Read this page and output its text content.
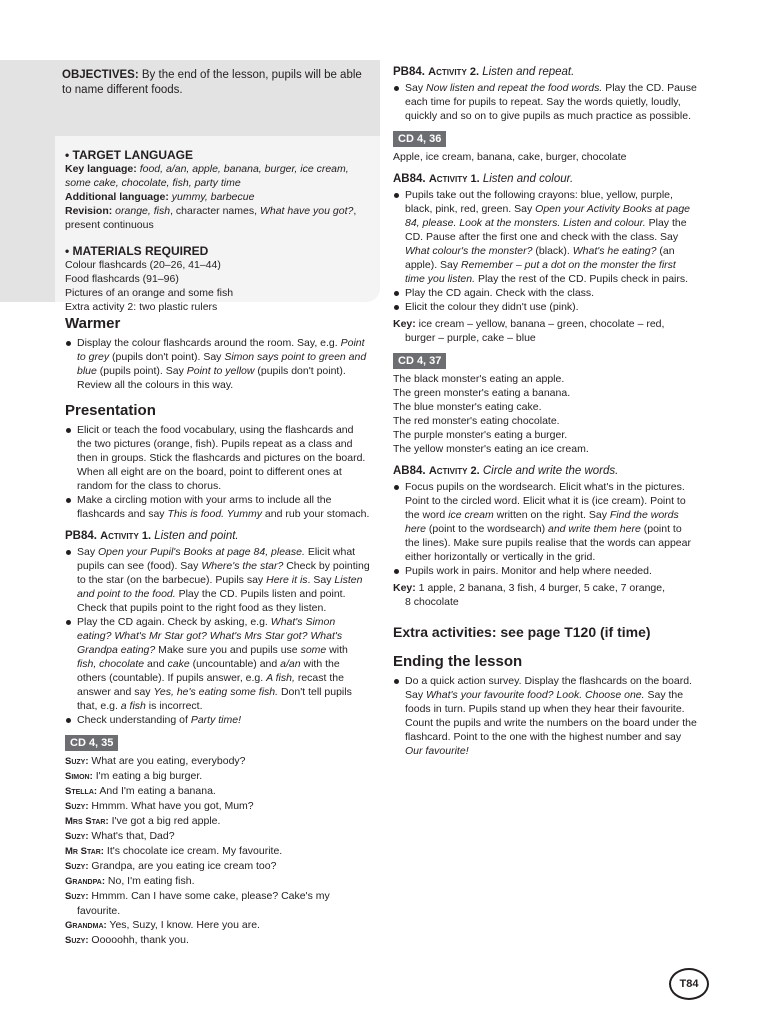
OBJECTIVES: By the end of the lesson, pupils will be able to name different foods.
• TARGET LANGUAGE
Key language: food, a/an, apple, banana, burger, ice cream, some cake, chocolate, fish, party time
Additional language: yummy, barbecue
Revision: orange, fish, character names, What have you got?, present continuous
• MATERIALS REQUIRED
Colour flashcards (20–26, 41–44)
Food flashcards (91–96)
Pictures of an orange and some fish
Extra activity 2: two plastic rulers
Warmer
Display the colour flashcards around the room. Say, e.g. Point to grey (pupils don't point). Say Simon says point to green and blue (pupils point). Say Point to yellow (pupils don't point). Review all the colours in this way.
Presentation
Elicit or teach the food vocabulary, using the flashcards and the two pictures (orange, fish). Pupils repeat as a class and then in groups. Stick the flashcards and pictures on the board. When all eight are on the board, point to different ones at random for the class to chorus.
Make a circling motion with your arms to include all the flashcards and say This is food. Yummy and rub your stomach.
PB84. Activity 1. Listen and point.
Say Open your Pupil's Books at page 84, please. Elicit what pupils can see (food). Say Where's the star? Check by pointing to the star (on the barbecue). Pupils say Here it is. Say Listen and point to the food. Play the CD. Pupils listen and point. Check that pupils point to the right food as they listen.
Play the CD again. Check by asking, e.g. What's Simon eating? What's Mr Star got? What's Mrs Star got? What's Grandpa eating? Make sure you and pupils use some with fish, chocolate and cake (uncountable) and a/an with the others (countable). If pupils answer, e.g. A fish, recast the answer and say Yes, he's eating some fish. Don't tell pupils that, e.g. a fish is incorrect.
Check understanding of Party time!
CD 4, 35
Suzy: What are you eating, everybody?
Simon: I'm eating a big burger.
Stella: And I'm eating a banana.
Suzy: Hmmm. What have you got, Mum?
Mrs Star: I've got a big red apple.
Suzy: What's that, Dad?
Mr Star: It's chocolate ice cream. My favourite.
Suzy: Grandpa, are you eating ice cream too?
Grandpa: No, I'm eating fish.
Suzy: Hmmm. Can I have some cake, please? Cake's my
favourite.
Grandma: Yes, Suzy, I know. Here you are.
Suzy: Ooooohh, thank you.
PB84. Activity 2. Listen and repeat.
Say Now listen and repeat the food words. Play the CD. Pause each time for pupils to repeat. Say the words quietly, loudly, quickly and so on to give pupils as much practice as possible.
CD 4, 36
Apple, ice cream, banana, cake, burger, chocolate
AB84. Activity 1. Listen and colour.
Pupils take out the following crayons: blue, yellow, purple, black, pink, red, green. Say Open your Activity Books at page 84, please. Look at the monsters. Listen and colour. Play the CD. Pause after the first one and check with the class. Say What colour's the monster? (black). What's he eating? (an apple). Say Remember – put a dot on the monster the first time you listen. Play the rest of the CD. Pupils check in pairs.
Play the CD again. Check with the class.
Elicit the colour they didn't use (pink).
Key: ice cream – yellow, banana – green, chocolate – red,
burger – purple, cake – blue
CD 4, 37
The black monster's eating an apple.
The green monster's eating a banana.
The blue monster's eating cake.
The red monster's eating chocolate.
The purple monster's eating a burger.
The yellow monster's eating an ice cream.
AB84. Activity 2. Circle and write the words.
Focus pupils on the wordsearch. Elicit what's in the pictures. Point to the circled word. Elicit what it is (ice cream). Point to the word ice cream written on the right. Say Find the words here (point to the wordsearch) and write them here (point to the lines). Make sure pupils realise that the words can appear either horizontally or vertically in the grid.
Pupils work in pairs. Monitor and help where needed.
Key: 1 apple, 2 banana, 3 fish, 4 burger, 5 cake, 7 orange,
8 chocolate
Extra activities: see page T120 (if time)
Ending the lesson
Do a quick action survey. Display the flashcards on the board. Say What's your favourite food? Look. Choose one. Say the foods in turn. Pupils stand up when they hear their favourite. Count the pupils and write the numbers on the board under the flashcard. Point to the one with the highest number and say Our favourite!
T84
